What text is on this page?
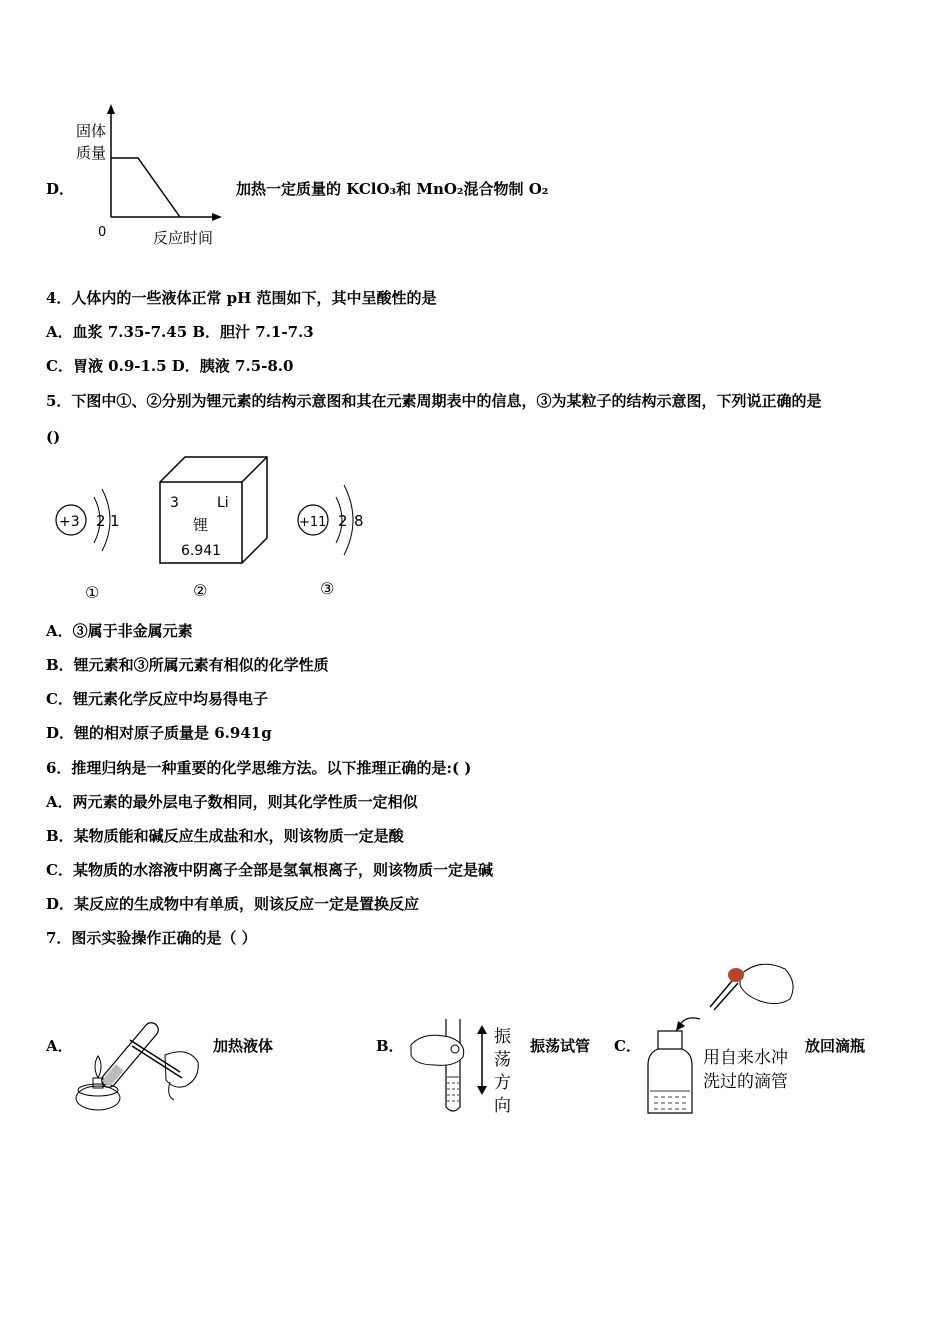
D．
固体
质量
0	反应时间
加热一定质量的 KClO₃和 MnO₂混合物制 O₂
4．人体内的一些液体正常 pH 范围如下，其中呈酸性的是
A．血浆 7.35-7.45 B．胆汁 7.1-7.3
C．胃液 0.9-1.5 D．胰液 7.5-8.0
5．下图中①、②分别为锂元素的结构示意图和其在元素周期表中的信息，③为某粒子的结构示意图，下列说正确的是
()
+3 2 1
①
3	Li
锂
6.941
②
+11 2 8
③
A．③属于非金属元素
B．锂元素和③所属元素有相似的化学性质
C．锂元素化学反应中均易得电子
D．锂的相对原子质量是 6.941g
6．推理归纳是一种重要的化学思维方法。以下推理正确的是:( )
A．两元素的最外层电子数相同，则其化学性质一定相似
B．某物质能和碱反应生成盐和水，则该物质一定是酸
C．某物质的水溶液中阴离子全部是氢氧根离子，则该物质一定是碱
D．某反应的生成物中有单质，则该反应一定是置换反应
7．图示实验操作正确的是（ ）
A．	加热液体	B．	振
荡
方
向
振荡试管 C．
用自来水冲
洗过的滴管
放回滴瓶
